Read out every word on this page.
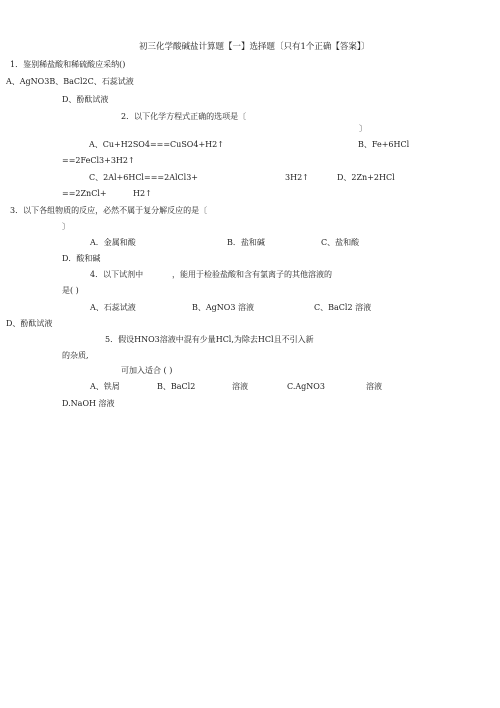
初三化学酸碱盐计算题【一】选择题〔只有1个正确【答案】〕
1．鉴别稀盐酸和稀硫酸应采纳()
A、AgNO3B、BaCl2C、石蕊试液
D、酚酞试液
2．以下化学方程式正确的选项是〔
〕
A、Cu+H2SO4===CuSO4+H2↑	B、Fe+6HCl
==2FeCl3+3H2↑
C、2Al+6HCl===2AlCl3+	3H2↑	D、2Zn+2HCl
==2ZnCl+	H2↑
3．以下各组物质的反应，必然不属于复分解反应的是〔
〕
A．金属和酸	B．盐和碱	C、盐和酸
D．酸和碱
4．以下试剂中	，能用于检验盐酸和含有氯离子的其他溶液的
是( )
A、石蕊试液	B、AgNO3 溶液	C、BaCl2 溶液
D、酚酞试液
5．假设HNO3溶液中混有少量HCl,为除去HCl且不引入新
的杂质,
可加入适合 ( )
A、铁屑	B、BaCl2	溶液	C.AgNO3	溶液
D.NaOH 溶液
